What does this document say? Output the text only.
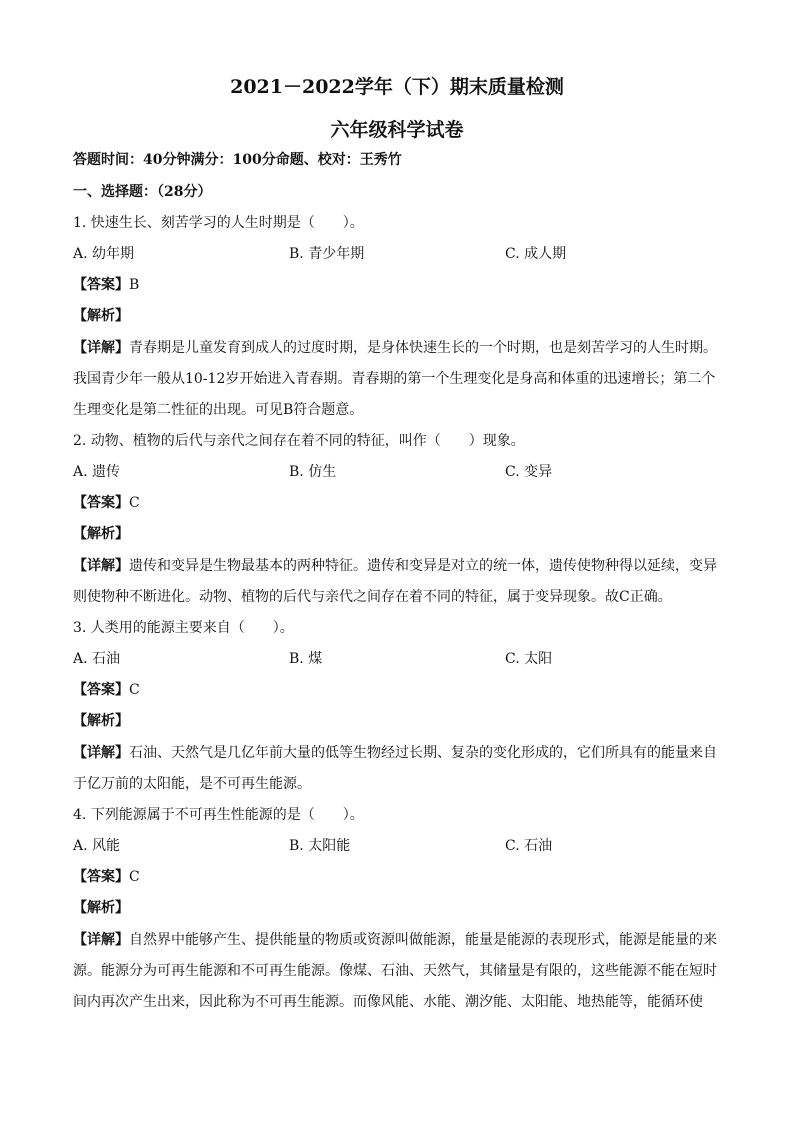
2021－2022学年（下）期末质量检测
六年级科学试卷
答题时间：40分钟满分：100分命题、校对：王秀竹
一、选择题：（28分）
1. 快速生长、刻苦学习的人生时期是（　　）。
A. 幼年期	B. 青少年期	C. 成人期
【答案】B
【解析】
【详解】青春期是儿童发育到成人的过度时期，是身体快速生长的一个时期，也是刻苦学习的人生时期。
我国青少年一般从10-12岁开始进入青春期。青春期的第一个生理变化是身高和体重的迅速增长；第二个
生理变化是第二性征的出现。可见B符合题意。
2. 动物、植物的后代与亲代之间存在着不同的特征，叫作（　　）现象。
A. 遗传	B. 仿生	C. 变异
【答案】C
【解析】
【详解】遗传和变异是生物最基本的两种特征。遗传和变异是对立的统一体，遗传使物种得以延续，变异
则使物种不断进化。动物、植物的后代与亲代之间存在着不同的特征，属于变异现象。故C正确。
3. 人类用的能源主要来自（　　）。
A. 石油	B. 煤	C. 太阳
【答案】C
【解析】
【详解】石油、天然气是几亿年前大量的低等生物经过长期、复杂的变化形成的，它们所具有的能量来自
于亿万前的太阳能，是不可再生能源。
4. 下列能源属于不可再生性能源的是（　　）。
A. 风能	B. 太阳能	C. 石油
【答案】C
【解析】
【详解】自然界中能够产生、提供能量的物质或资源叫做能源，能量是能源的表现形式，能源是能量的来
源。能源分为可再生能源和不可再生能源。像煤、石油、天然气，其储量是有限的，这些能源不能在短时
间内再次产生出来，因此称为不可再生能源。而像风能、水能、潮汐能、太阳能、地热能等，能循环使
